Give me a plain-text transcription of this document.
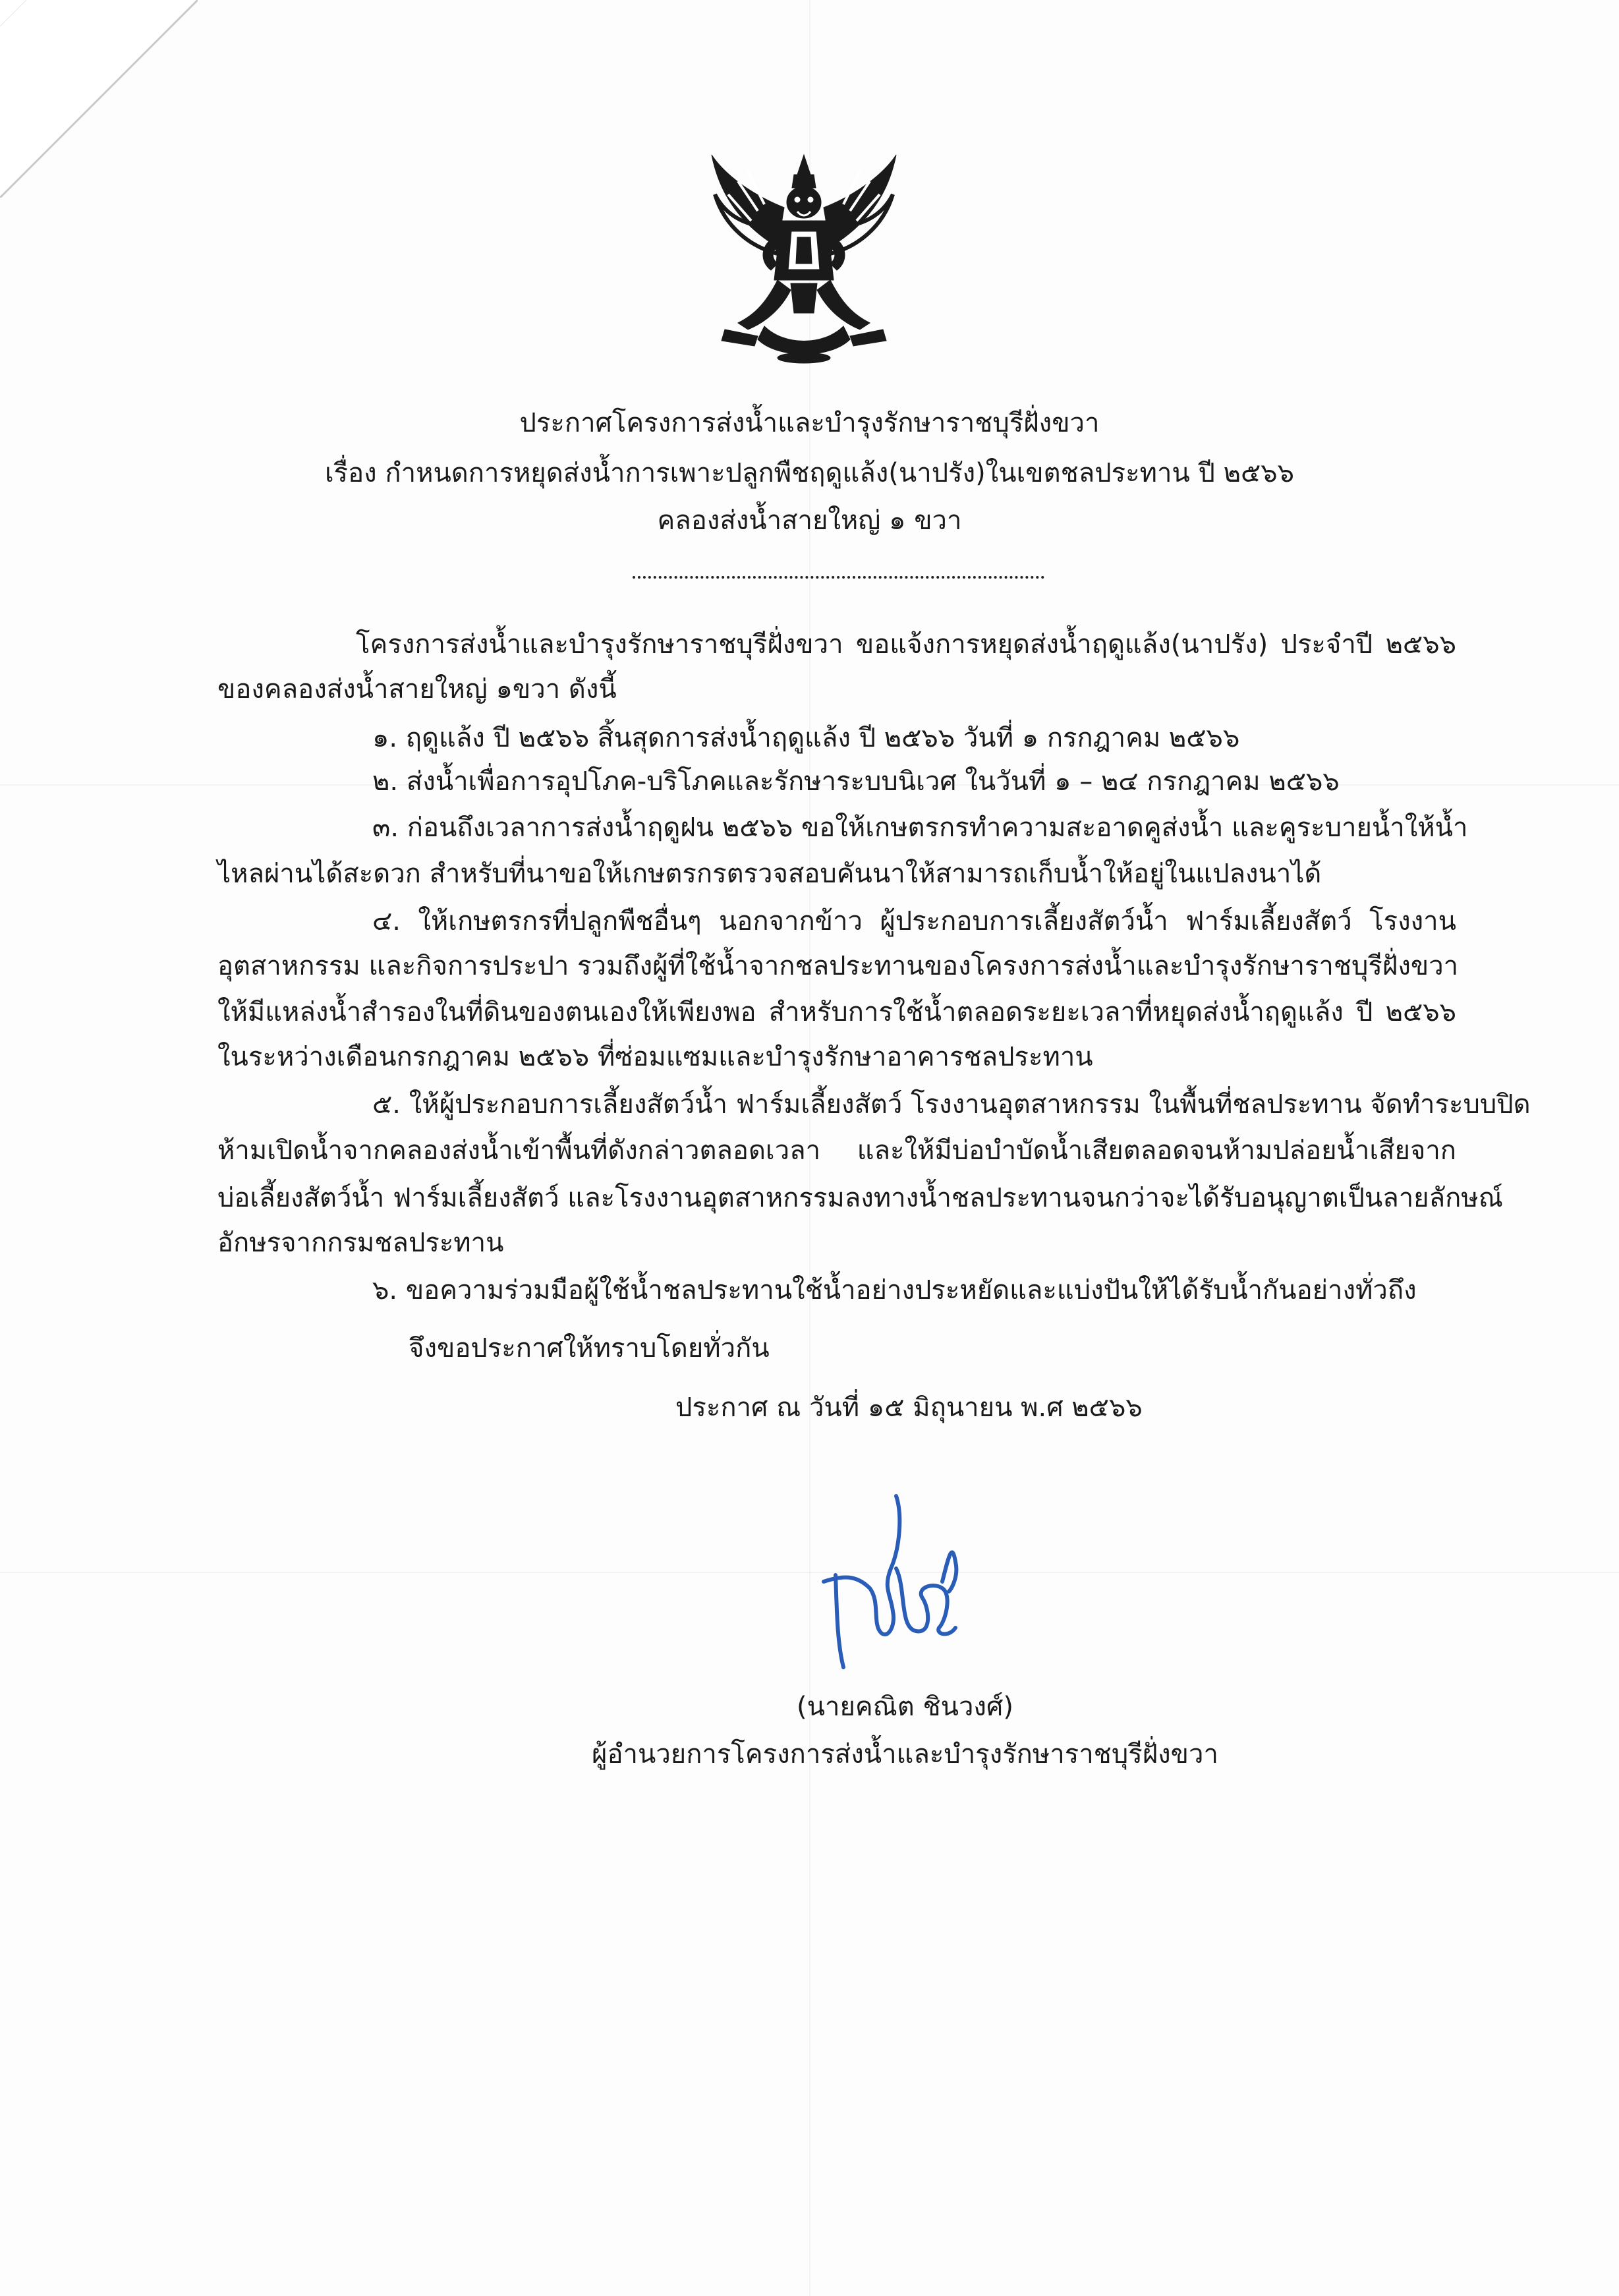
ประกาศโครงการส่งน้ำและบำรุงรักษาราชบุรีฝั่งขวา
เรื่อง กำหนดการหยุดส่งน้ำการเพาะปลูกพืชฤดูแล้ง(นาปรัง)ในเขตชลประทาน ปี ๒๕๖๖
คลองส่งน้ำสายใหญ่ ๑ ขวา
โครงการส่งน้ำและบำรุงรักษาราชบุรีฝั่งขวา ขอแจ้งการหยุดส่งน้ำฤดูแล้ง(นาปรัง) ประจำปี ๒๕๖๖
ของคลองส่งน้ำสายใหญ่ ๑ขวา ดังนี้
๑. ฤดูแล้ง ปี ๒๕๖๖ สิ้นสุดการส่งน้ำฤดูแล้ง ปี ๒๕๖๖ วันที่ ๑ กรกฎาคม ๒๕๖๖
๒. ส่งน้ำเพื่อการอุปโภค-บริโภคและรักษาระบบนิเวศ ในวันที่ ๑ – ๒๔ กรกฎาคม ๒๕๖๖
๓. ก่อนถึงเวลาการส่งน้ำฤดูฝน ๒๕๖๖ ขอให้เกษตรกรทำความสะอาดคูส่งน้ำ และคูระบายน้ำให้น้ำ
ไหลผ่านได้สะดวก สำหรับที่นาขอให้เกษตรกรตรวจสอบคันนาให้สามารถเก็บน้ำให้อยู่ในแปลงนาได้
๔. ให้เกษตรกรที่ปลูกพืชอื่นๆ นอกจากข้าว ผู้ประกอบการเลี้ยงสัตว์น้ำ ฟาร์มเลี้ยงสัตว์ โรงงาน
อุตสาหกรรม และกิจการประปา รวมถึงผู้ที่ใช้น้ำจากชลประทานของโครงการส่งน้ำและบำรุงรักษาราชบุรีฝั่งขวา
ให้มีแหล่งน้ำสำรองในที่ดินของตนเองให้เพียงพอ สำหรับการใช้น้ำตลอดระยะเวลาที่หยุดส่งน้ำฤดูแล้ง ปี ๒๕๖๖
ในระหว่างเดือนกรกฎาคม ๒๕๖๖ ที่ซ่อมแซมและบำรุงรักษาอาคารชลประทาน
๕. ให้ผู้ประกอบการเลี้ยงสัตว์น้ำ ฟาร์มเลี้ยงสัตว์ โรงงานอุตสาหกรรม ในพื้นที่ชลประทาน จัดทำระบบปิด
ห้ามเปิดน้ำจากคลองส่งน้ำเข้าพื้นที่ดังกล่าวตลอดเวลา และให้มีบ่อบำบัดน้ำเสียตลอดจนห้ามปล่อยน้ำเสียจาก
บ่อเลี้ยงสัตว์น้ำ ฟาร์มเลี้ยงสัตว์ และโรงงานอุตสาหกรรมลงทางน้ำชลประทานจนกว่าจะได้รับอนุญาตเป็นลายลักษณ์
อักษรจากกรมชลประทาน
๖. ขอความร่วมมือผู้ใช้น้ำชลประทานใช้น้ำอย่างประหยัดและแบ่งปันให้ได้รับน้ำกันอย่างทั่วถึง
จึงขอประกาศให้ทราบโดยทั่วกัน
ประกาศ ณ วันที่ ๑๕ มิถุนายน พ.ศ ๒๕๖๖
(นายคณิต ชินวงศ์)
ผู้อำนวยการโครงการส่งน้ำและบำรุงรักษาราชบุรีฝั่งขวา
